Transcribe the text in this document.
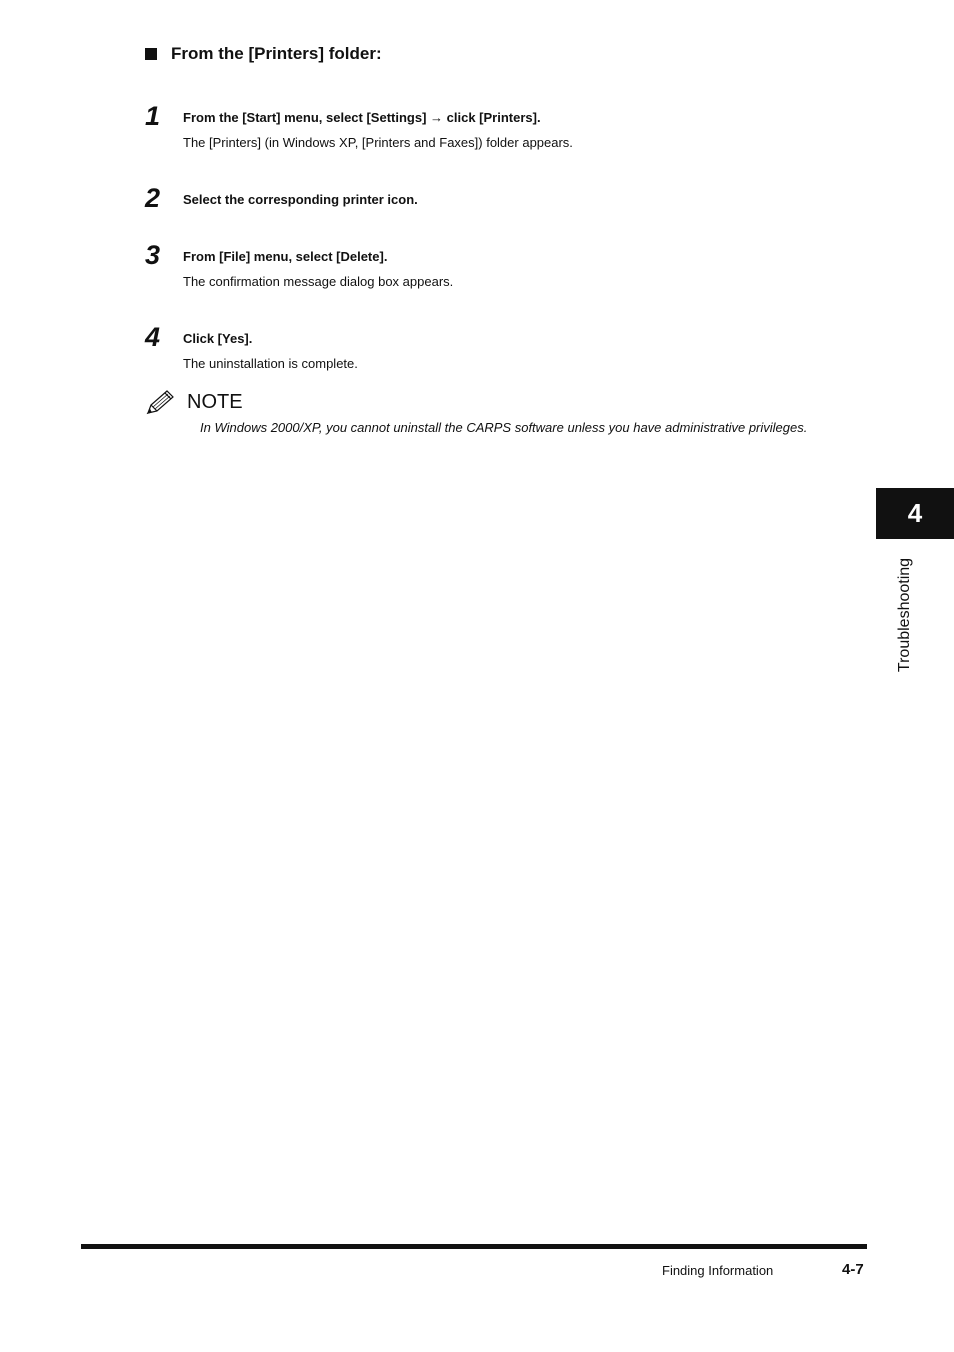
From the [Printers] folder:
1 From the [Start] menu, select [Settings] → click [Printers].
The [Printers] (in Windows XP, [Printers and Faxes]) folder appears.
2 Select the corresponding printer icon.
3 From [File] menu, select [Delete].
The confirmation message dialog box appears.
4 Click [Yes].
The uninstallation is complete.
NOTE
In Windows 2000/XP, you cannot uninstall the CARPS software unless you have administrative privileges.
4
Troubleshooting
Finding Information	4-7
